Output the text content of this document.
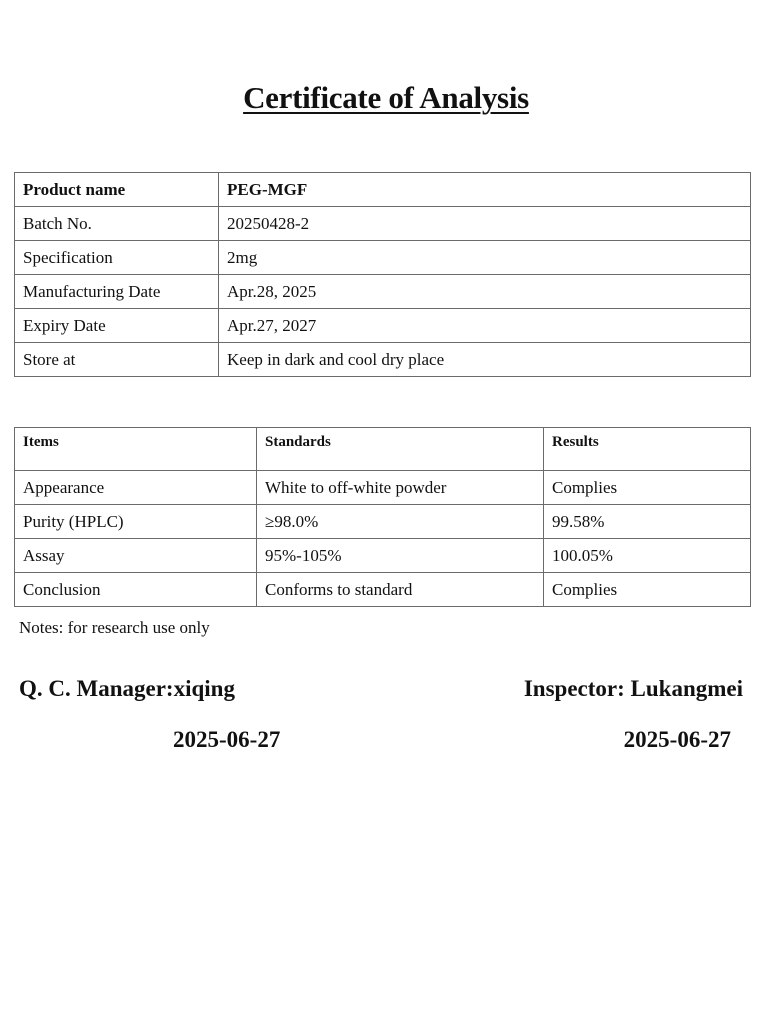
Certificate of Analysis
Product name	PEG-MGF
Batch No.	20250428-2
Specification	2mg
Manufacturing Date	Apr.28, 2025
Expiry Date	Apr.27, 2027
Store at	Keep in dark and cool dry place
Items	Standards	Results
Appearance	White to off-white powder	Complies
Purity (HPLC)	≥98.0%	99.58%
Assay	95%-105%	100.05%
Conclusion	Conforms to standard	Complies
Notes: for research use only
Q. C. Manager:xiqing	Inspector: Lukangmei
2025-06-27	2025-06-27
